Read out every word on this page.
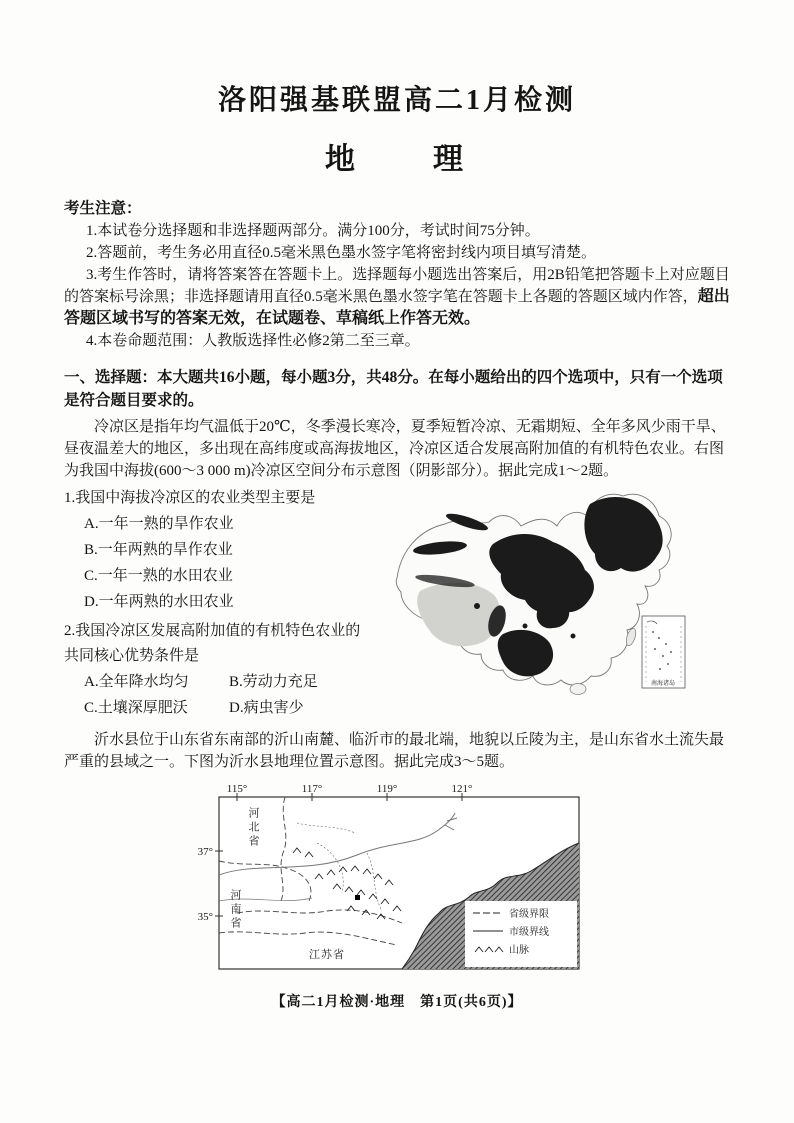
洛阳强基联盟高二1月检测
地　　理
考生注意：

1.本试卷分选择题和非选择题两部分。满分100分，考试时间75分钟。

2.答题前，考生务必用直径0.5毫米黑色墨水签字笔将密封线内项目填写清楚。

3.考生作答时，请将答案答在答题卡上。选择题每小题选出答案后，用2B铅笔把答题卡上对应题目的答案标号涂黑；非选择题请用直径0.5毫米黑色墨水签字笔在答题卡上各题的答题区域内作答，超出答题区域书写的答案无效，在试题卷、草稿纸上作答无效。

4.本卷命题范围：人教版选择性必修2第二至三章。

一、选择题：本大题共16小题，每小题3分，共48分。在每小题给出的四个选项中，只有一个选项是符合题目要求的。

冷凉区是指年均气温低于20℃，冬季漫长寒冷，夏季短暂冷凉、无霜期短、全年多风少雨干旱、昼夜温差大的地区，多出现在高纬度或高海拔地区，冷凉区适合发展高附加值的有机特色农业。右图为我国中海拔(600～3 000 m)冷凉区空间分布示意图（阴影部分）。据此完成1～2题。

南海诸岛
1.我国中海拔冷凉区的农业类型主要是
A.一年一熟的旱作农业
B.一年两熟的旱作农业
C.一年一熟的水田农业
D.一年两熟的水田农业
2.我国冷凉区发展高附加值的有机特色农业的共同核心优势条件是
A.全年降水均匀	B.劳动力充足
C.土壤深厚肥沃	D.病虫害少

沂水县位于山东省东南部的沂山南麓、临沂市的最北端，地貌以丘陵为主，是山东省水土流失最严重的县域之一。下图为沂水县地理位置示意图。据此完成3～5题。

115°	117°	119°	121°
37°
35°	省级界限
市级界线
山脉
河北省
河南省
江苏省
【高二1月检测·地理　第1页(共6页)】
